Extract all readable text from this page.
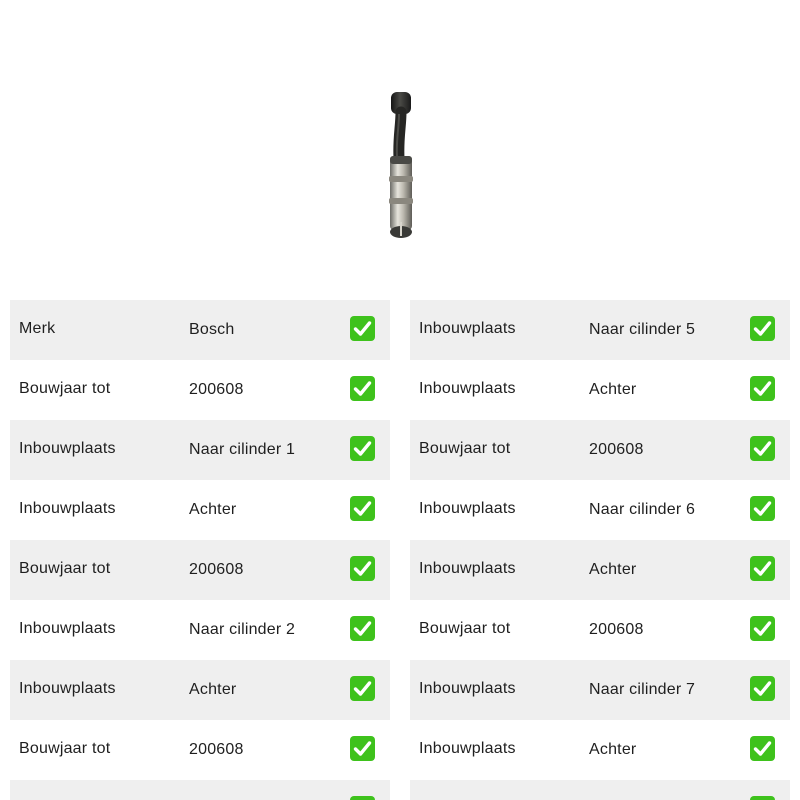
Merk	Bosch
Bouwjaar tot	200608
Inbouwplaats	Naar cilinder 1
Inbouwplaats	Achter
Bouwjaar tot	200608
Inbouwplaats	Naar cilinder 2
Inbouwplaats	Achter
Bouwjaar tot	200608
Inbouwplaats	Naar cilinder 5
Inbouwplaats	Achter
Bouwjaar tot	200608
Inbouwplaats	Naar cilinder 6
Inbouwplaats	Achter
Bouwjaar tot	200608
Inbouwplaats	Naar cilinder 7
Inbouwplaats	Achter
